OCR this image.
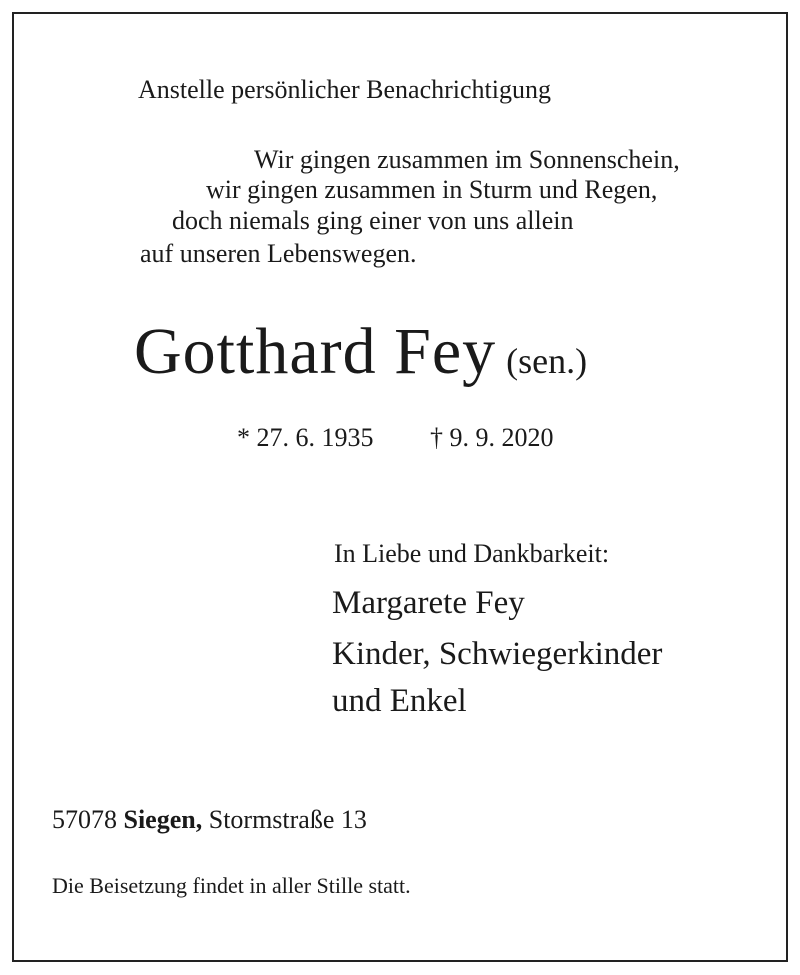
Anstelle persönlicher Benachrichtigung
Wir gingen zusammen im Sonnenschein,
wir gingen zusammen in Sturm und Regen,
doch niemals ging einer von uns allein
auf unseren Lebenswegen.
Gotthard Fey (sen.)
* 27. 6. 1935 † 9. 9. 2020
In Liebe und Dankbarkeit:
Margarete Fey
Kinder, Schwiegerkinder
und Enkel
57078 Siegen, Stormstraße 13
Die Beisetzung findet in aller Stille statt.
